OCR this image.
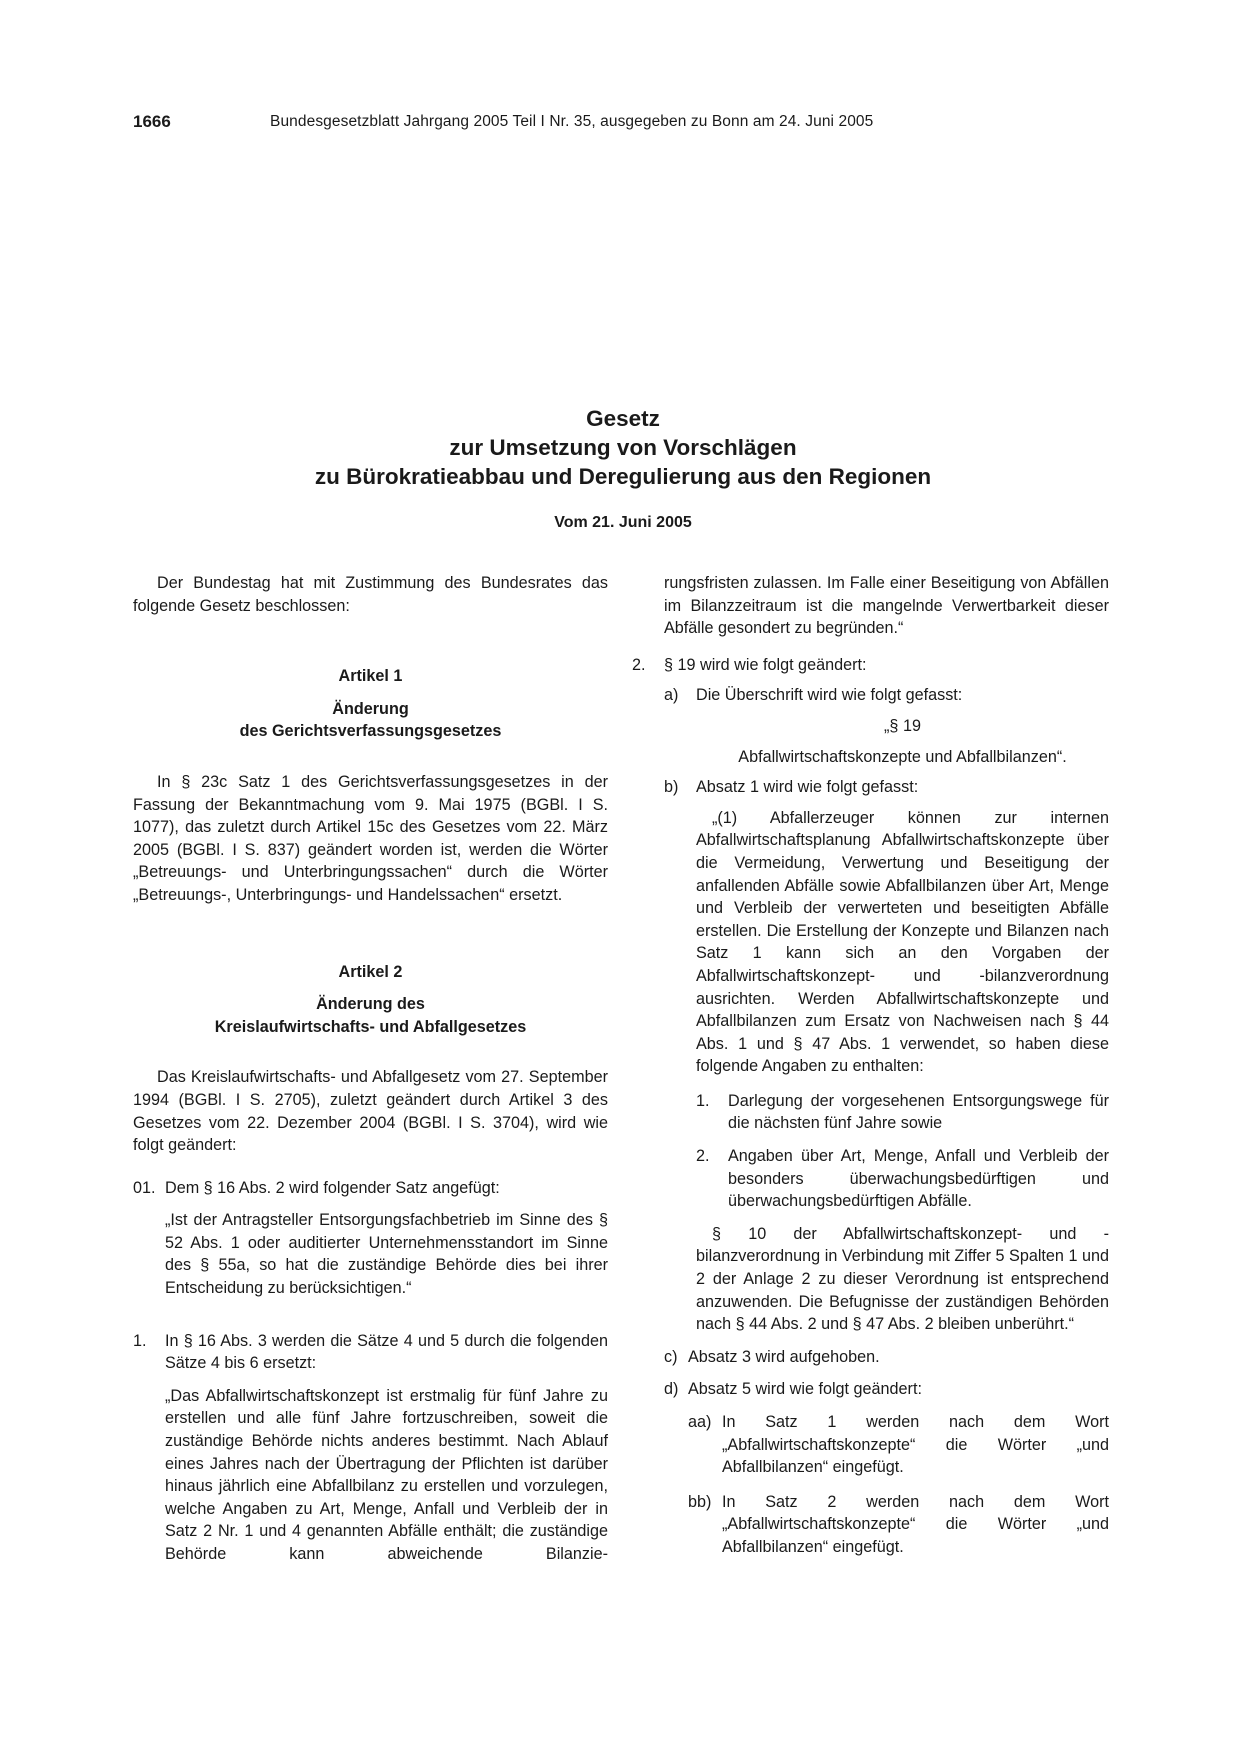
1666	Bundesgesetzblatt Jahrgang 2005 Teil I Nr. 35, ausgegeben zu Bonn am 24. Juni 2005
Gesetz
zur Umsetzung von Vorschlägen
zu Bürokratieabbau und Deregulierung aus den Regionen
Vom 21. Juni 2005

Der Bundestag hat mit Zustimmung des Bundesrates das folgende Gesetz beschlossen:

Artikel 1

Änderung

des Gerichtsverfassungsgesetzes

In § 23c Satz 1 des Gerichtsverfassungsgesetzes in der Fassung der Bekanntmachung vom 9. Mai 1975 (BGBl. I S. 1077), das zuletzt durch Artikel 15c des Gesetzes vom 22. März 2005 (BGBl. I S. 837) geändert worden ist, werden die Wörter „Betreuungs- und Unterbringungssachen“ durch die Wörter „Betreuungs-, Unterbringungs- und Handelssachen“ ersetzt.

Artikel 2

Änderung des

Kreislaufwirtschafts- und Abfallgesetzes

Das Kreislaufwirtschafts- und Abfallgesetz vom 27. September 1994 (BGBl. I S. 2705), zuletzt geändert durch Artikel 3 des Gesetzes vom 22. Dezember 2004 (BGBl. I S. 3704), wird wie folgt geändert:

01. Dem § 16 Abs. 2 wird folgender Satz angefügt:

„Ist der Antragsteller Entsorgungsfachbetrieb im Sinne des § 52 Abs. 1 oder auditierter Unternehmensstandort im Sinne des § 55a, so hat die zuständige Behörde dies bei ihrer Entscheidung zu berücksichtigen.“

1. In § 16 Abs. 3 werden die Sätze 4 und 5 durch die folgenden Sätze 4 bis 6 ersetzt:

„Das Abfallwirtschaftskonzept ist erstmalig für fünf Jahre zu erstellen und alle fünf Jahre fortzuschreiben, soweit die zuständige Behörde nichts anderes bestimmt. Nach Ablauf eines Jahres nach der Übertragung der Pflichten ist darüber hinaus jährlich eine Abfallbilanz zu erstellen und vorzulegen, welche Angaben zu Art, Menge, Anfall und Verbleib der in Satz 2 Nr. 1 und 4 genannten Abfälle enthält; die zuständige Behörde kann abweichende Bilanzie-

rungsfristen zulassen. Im Falle einer Beseitigung von Abfällen im Bilanzzeitraum ist die mangelnde Verwertbarkeit dieser Abfälle gesondert zu begründen.“

2. § 19 wird wie folgt geändert:

a) Die Überschrift wird wie folgt gefasst:

„§ 19

Abfallwirtschaftskonzepte und Abfallbilanzen“.

b) Absatz 1 wird wie folgt gefasst:

„(1) Abfallerzeuger können zur internen Abfallwirtschaftsplanung Abfallwirtschaftskonzepte über die Vermeidung, Verwertung und Beseitigung der anfallenden Abfälle sowie Abfallbilanzen über Art, Menge und Verbleib der verwerteten und beseitigten Abfälle erstellen. Die Erstellung der Konzepte und Bilanzen nach Satz 1 kann sich an den Vorgaben der Abfallwirtschaftskonzept- und -bilanzverordnung ausrichten. Werden Abfallwirtschaftskonzepte und Abfallbilanzen zum Ersatz von Nachweisen nach § 44 Abs. 1 und § 47 Abs. 1 verwendet, so haben diese folgende Angaben zu enthalten:

1. Darlegung der vorgesehenen Entsorgungswege für die nächsten fünf Jahre sowie

2. Angaben über Art, Menge, Anfall und Verbleib der besonders überwachungsbedürftigen und überwachungsbedürftigen Abfälle.

§ 10 der Abfallwirtschaftskonzept- und -bilanzverordnung in Verbindung mit Ziffer 5 Spalten 1 und 2 der Anlage 2 zu dieser Verordnung ist entsprechend anzuwenden. Die Befugnisse der zuständigen Behörden nach § 44 Abs. 2 und § 47 Abs. 2 bleiben unberührt.“

c) Absatz 3 wird aufgehoben.

d) Absatz 5 wird wie folgt geändert:

aa) In Satz 1 werden nach dem Wort „Abfallwirtschaftskonzepte“ die Wörter „und Abfallbilanzen“ eingefügt.

bb) In Satz 2 werden nach dem Wort „Abfallwirtschaftskonzepte“ die Wörter „und Abfallbilanzen“ eingefügt.
